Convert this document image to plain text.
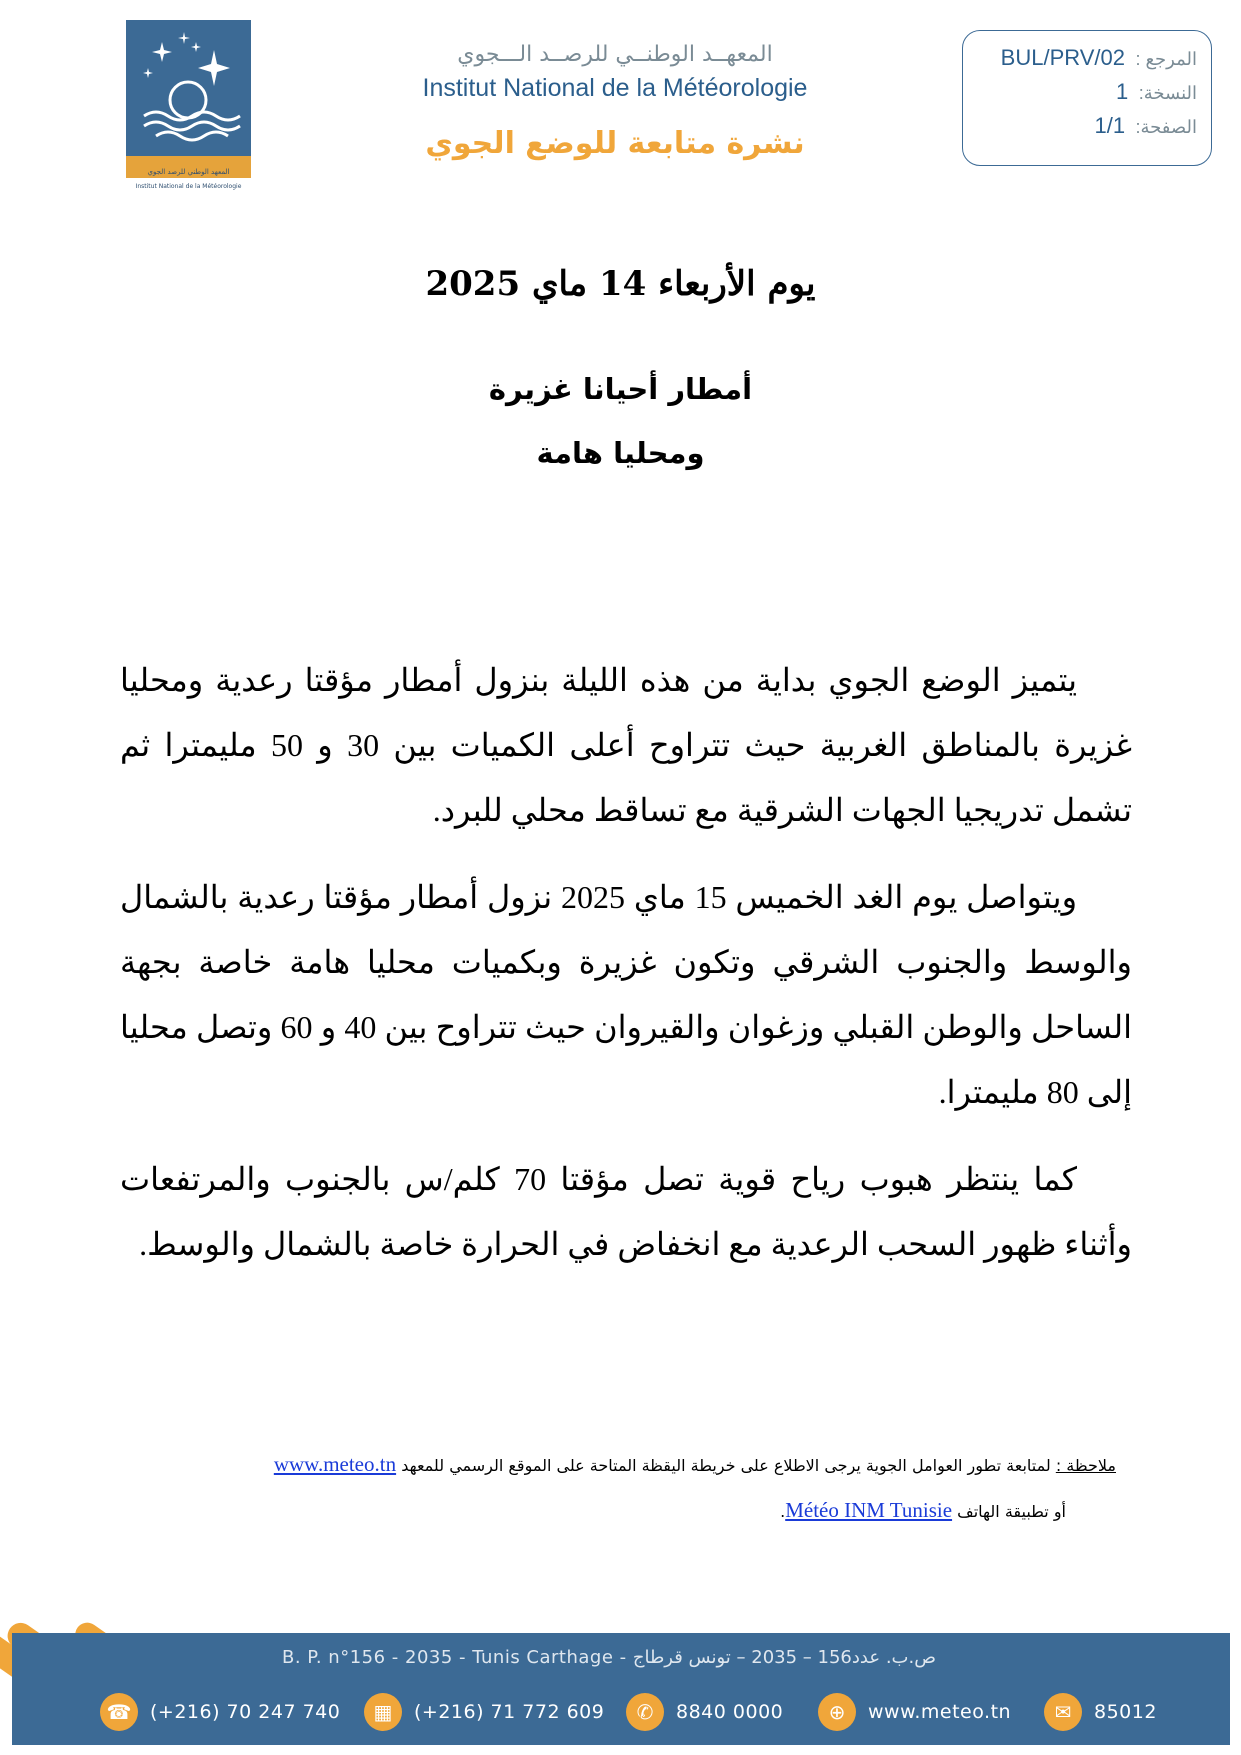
المعهد الوطني للرصد الجوي
Institut National de la Météorologie
المعهــد الوطنــي للرصــد الـــجوي
Institut National de la Météorologie
نشرة متابعة للوضع الجوي
المرجع : BUL/PRV/02
النسخة: 1
الصفحة: 1/1
يوم الأربعاء 14 ماي 2025
أمطار أحيانا غزيرة
ومحليا هامة

يتميز الوضع الجوي بداية من هذه الليلة بنزول أمطار مؤقتا رعدية ومحليا غزيرة بالمناطق الغربية حيث تتراوح أعلى الكميات بين 30 و 50 مليمترا ثم تشمل تدريجيا الجهات الشرقية مع تساقط محلي للبرد.

ويتواصل يوم الغد الخميس 15 ماي 2025 نزول أمطار مؤقتا رعدية بالشمال والوسط والجنوب الشرقي وتكون غزيرة وبكميات محليا هامة خاصة بجهة الساحل والوطن القبلي وزغوان والقيروان حيث تتراوح بين 40 و 60 وتصل محليا إلى 80 مليمترا.

كما ينتظر هبوب رياح قوية تصل مؤقتا 70 كلم/س بالجنوب والمرتفعات وأثناء ظهور السحب الرعدية مع انخفاض في الحرارة خاصة بالشمال والوسط.

ملاحظة : لمتابعة تطور العوامل الجوية يرجى الاطلاع على خريطة اليقظة المتاحة على الموقع الرسمي للمعهد www.meteo.tn
أو تطبيقة الهاتف Météo INM Tunisie.
B. P. n°156 - 2035 - Tunis Carthage - ص.ب. عدد156 – 2035 – تونس قرطاج
☎ (+216) 70 247 740	▦	(+216) 71 772 609	✆	8840 0000	⊕	www.meteo.tn	✉	85012
